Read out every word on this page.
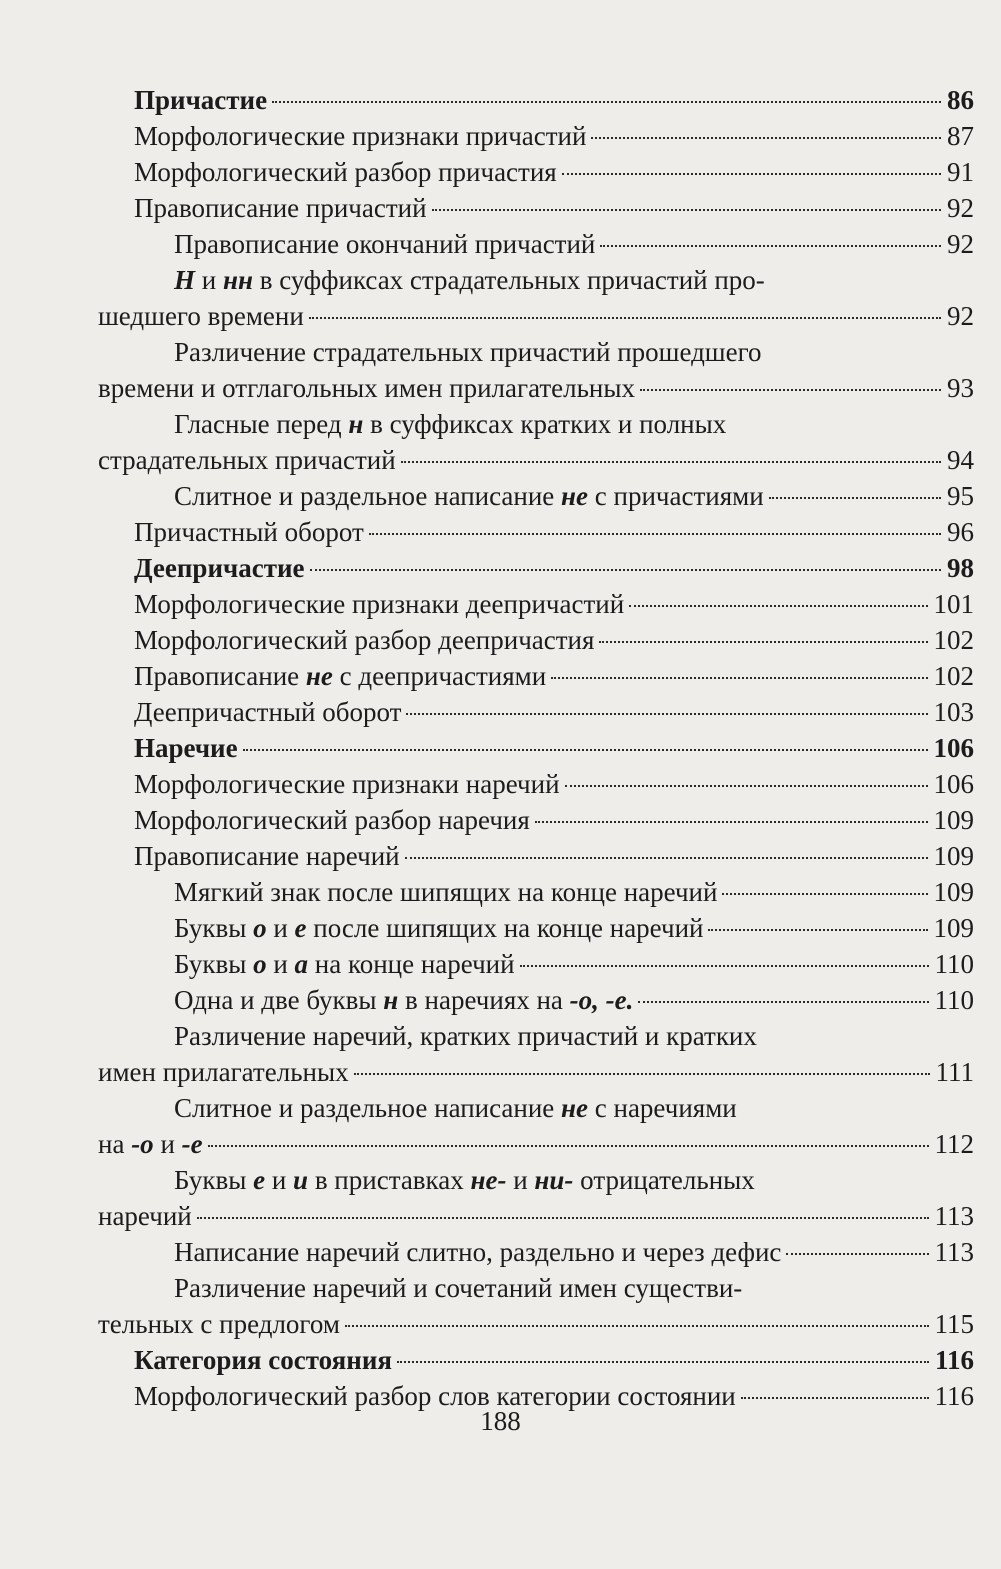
Причастие	86
Морфологические признаки причастий	87
Морфологический разбор причастия	91
Правописание причастий	92
Правописание окончаний причастий	92
Н и нн в суффиксах страдательных причастий про-
шедшего времени	92
Различение страдательных причастий прошедшего
времени и отглагольных имен прилагательных	93
Гласные перед н в суффиксах кратких и полных
страдательных причастий	94
Слитное и раздельное написание не с причастиями	95
Причастный оборот	96
Деепричастие	98
Морфологические признаки деепричастий	101
Морфологический разбор деепричастия	102
Правописание не с деепричастиями	102
Деепричастный оборот	103
Наречие	106
Морфологические признаки наречий	106
Морфологический разбор наречия	109
Правописание наречий	109
Мягкий знак после шипящих на конце наречий	109
Буквы о и е после шипящих на конце наречий	109
Буквы о и а на конце наречий	110
Одна и две буквы н в наречиях на -о, -е.	110
Различение наречий, кратких причастий и кратких
имен прилагательных	111
Слитное и раздельное написание не с наречиями
на -о и -е	112
Буквы е и и в приставках не- и ни- отрицательных
наречий	113
Написание наречий слитно, раздельно и через дефис	113
Различение наречий и сочетаний имен существи-
тельных с предлогом	115
Категория состояния	116
Морфологический разбор слов категории состоянии	116
188
